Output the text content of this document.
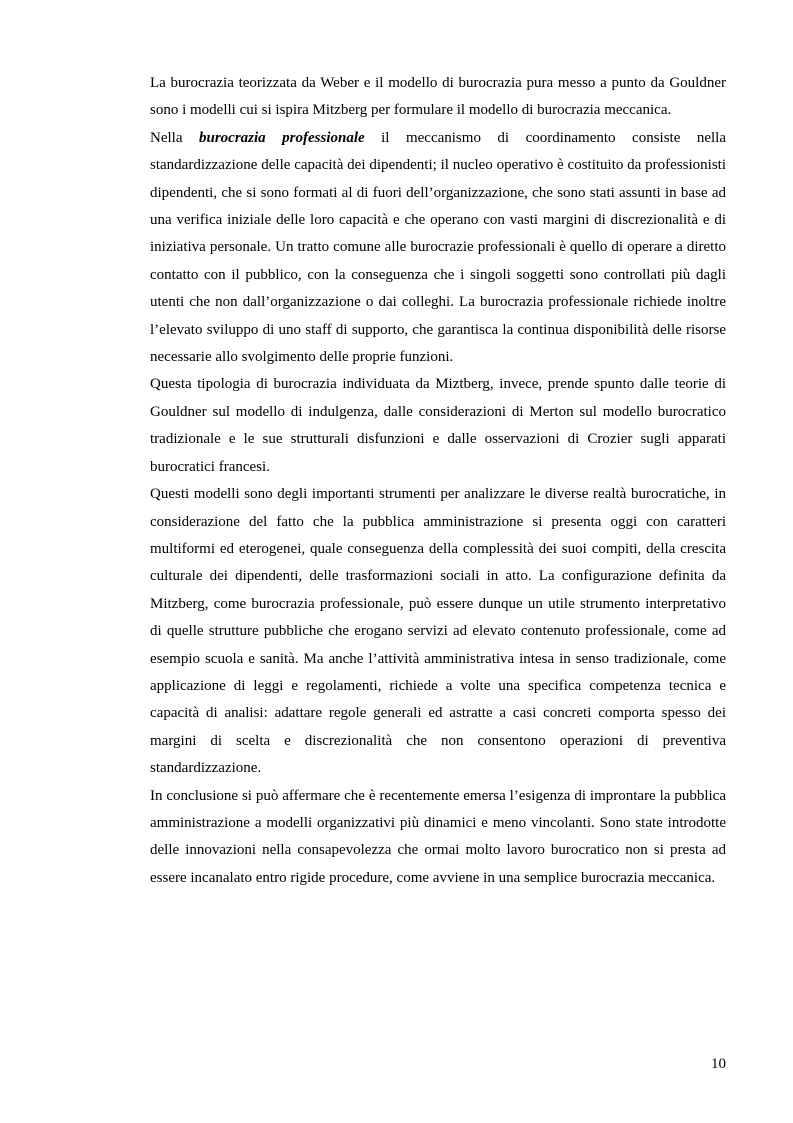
La burocrazia teorizzata da Weber e il modello di burocrazia pura messo a punto da Gouldner sono i modelli cui si ispira Mitzberg per formulare il modello di burocrazia meccanica.

Nella burocrazia professionale il meccanismo di coordinamento consiste nella standardizzazione delle capacità dei dipendenti; il nucleo operativo è costituito da professionisti dipendenti, che si sono formati al di fuori dell’organizzazione, che sono stati assunti in base ad una verifica iniziale delle loro capacità e che operano con vasti margini di discrezionalità e di iniziativa personale. Un tratto comune alle burocrazie professionali è quello di operare a diretto contatto con il pubblico, con la conseguenza che i singoli soggetti sono controllati più dagli utenti che non dall’organizzazione o dai colleghi. La burocrazia professionale richiede inoltre l’elevato sviluppo di uno staff di supporto, che garantisca la continua disponibilità delle risorse necessarie allo svolgimento delle proprie funzioni.

Questa tipologia di burocrazia individuata da Miztberg, invece, prende spunto dalle teorie di Gouldner sul modello di indulgenza, dalle considerazioni di Merton sul modello burocratico tradizionale e le sue strutturali disfunzioni e dalle osservazioni di Crozier sugli apparati burocratici francesi.

Questi modelli sono degli importanti strumenti per analizzare le diverse realtà burocratiche, in considerazione del fatto che la pubblica amministrazione si presenta oggi con caratteri multiformi ed eterogenei, quale conseguenza della complessità dei suoi compiti, della crescita culturale dei dipendenti, delle trasformazioni sociali in atto. La configurazione definita da Mitzberg, come burocrazia professionale, può essere dunque un utile strumento interpretativo di quelle strutture pubbliche che erogano servizi ad elevato contenuto professionale, come ad esempio scuola e sanità. Ma anche l’attività amministrativa intesa in senso tradizionale, come applicazione di leggi e regolamenti, richiede a volte una specifica competenza tecnica e capacità di analisi: adattare regole generali ed astratte a casi concreti comporta spesso dei margini di scelta e discrezionalità che non consentono operazioni di preventiva standardizzazione.

In conclusione si può affermare che è recentemente emersa l’esigenza di improntare la pubblica amministrazione a modelli organizzativi più dinamici e meno vincolanti. Sono state introdotte delle innovazioni nella consapevolezza che ormai molto lavoro burocratico non si presta ad essere incanalato entro rigide procedure, come avviene in una semplice burocrazia meccanica.

10
